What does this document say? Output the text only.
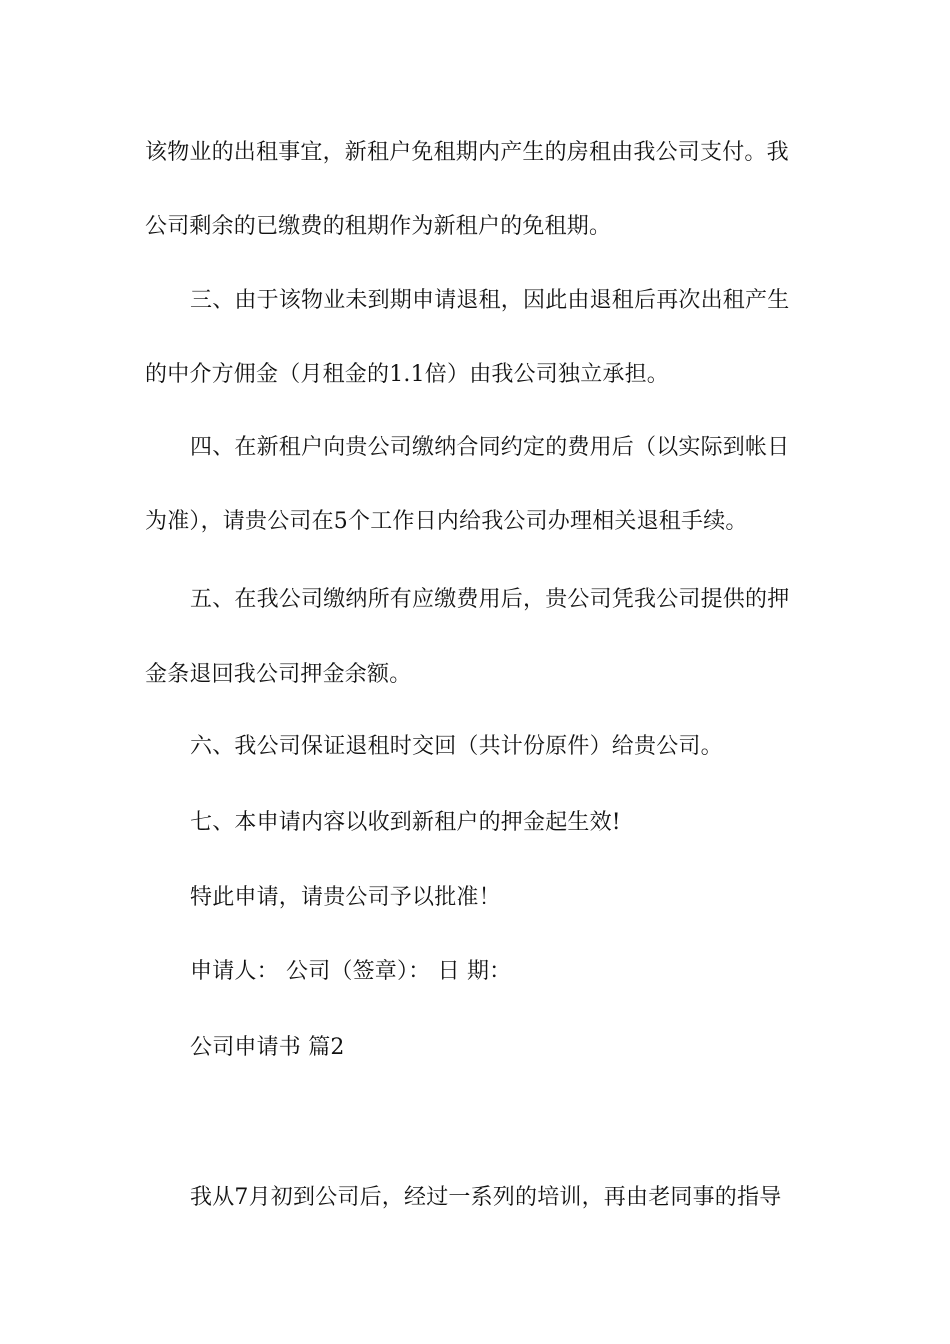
该物业的出租事宜，新租户免租期内产生的房租由我公司支付。我
公司剩余的已缴费的租期作为新租户的免租期。
三、由于该物业未到期申请退租，因此由退租后再次出租产生
的中介方佣金（月租金的1.1倍）由我公司独立承担。
四、在新租户向贵公司缴纳合同约定的费用后（以实际到帐日
为准），请贵公司在5个工作日内给我公司办理相关退租手续。
五、在我公司缴纳所有应缴费用后，贵公司凭我公司提供的押
金条退回我公司押金余额。
六、我公司保证退租时交回（共计份原件）给贵公司。
七、本申请内容以收到新租户的押金起生效!
特此申请，请贵公司予以批准！
申请人： 公司（签章）： 日 期：
公司申请书 篇2
我从7月初到公司后，经过一系列的培训，再由老同事的指导
